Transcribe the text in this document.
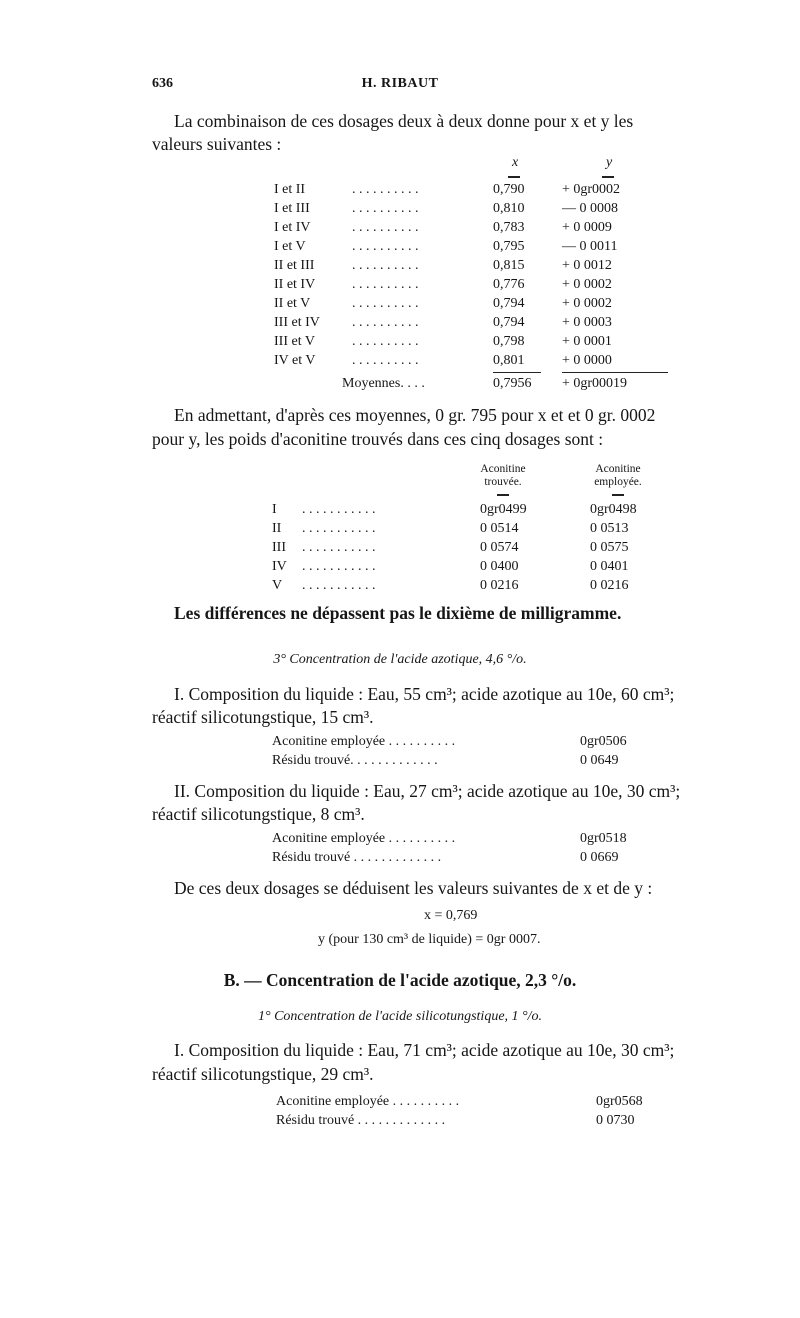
636	H. RIBAUT
La combinaison de ces dosages deux à deux donne pour x et y les
valeurs suivantes :
x	y
I et II	. . . . . . . . . .	0,790	+ 0gr0002
I et III	. . . . . . . . . .	0,810	— 0 0008
I et IV	. . . . . . . . . .	0,783	+ 0 0009
I et V	. . . . . . . . . .	0,795	— 0 0011
II et III	. . . . . . . . . .	0,815	+ 0 0012
II et IV	. . . . . . . . . .	0,776	+ 0 0002
II et V	. . . . . . . . . .	0,794	+ 0 0002
III et IV . . . . . . . . . .	0,794	+ 0 0003
III et V	. . . . . . . . . .	0,798	+ 0 0001
IV et V	. . . . . . . . . .	0,801	+ 0 0000
Moyennes. . . .	0,7956 + 0gr00019
En admettant, d'après ces moyennes, 0 gr. 795 pour x et et 0 gr. 0002
pour y, les poids d'aconitine trouvés dans ces cinq dosages sont :
Aconitine
trouvée.
Aconitine
employée.
I . . . . . . . . . . .	0gr0499	0gr0498
II . . . . . . . . . . .	0 0514	0 0513
III . . . . . . . . . . .	0 0574	0 0575
IV . . . . . . . . . . .	0 0400	0 0401
V . . . . . . . . . . .	0 0216	0 0216
Les différences ne dépassent pas le dixième de milligramme.
3° Concentration de l'acide azotique, 4,6 °/o.
I. Composition du liquide : Eau, 55 cm³; acide azotique au 10e, 60 cm³;
réactif silicotungstique, 15 cm³.
Aconitine employée . . . . . . . . . .	0gr0506
Résidu trouvé. . . . . . . . . . . . .	0 0649
II. Composition du liquide : Eau, 27 cm³; acide azotique au 10e, 30 cm³;
réactif silicotungstique, 8 cm³.
Aconitine employée . . . . . . . . . .	0gr0518
Résidu trouvé . . . . . . . . . . . . .	0 0669
De ces deux dosages se déduisent les valeurs suivantes de x et de y :
x = 0,769
y (pour 130 cm³ de liquide) = 0gr 0007.
B. — Concentration de l'acide azotique, 2,3 °/o.
1° Concentration de l'acide silicotungstique, 1 °/o.
I. Composition du liquide : Eau, 71 cm³; acide azotique au 10e, 30 cm³;
réactif silicotungstique, 29 cm³.
Aconitine employée . . . . . . . . . .	0gr0568
Résidu trouvé . . . . . . . . . . . . .	0 0730
